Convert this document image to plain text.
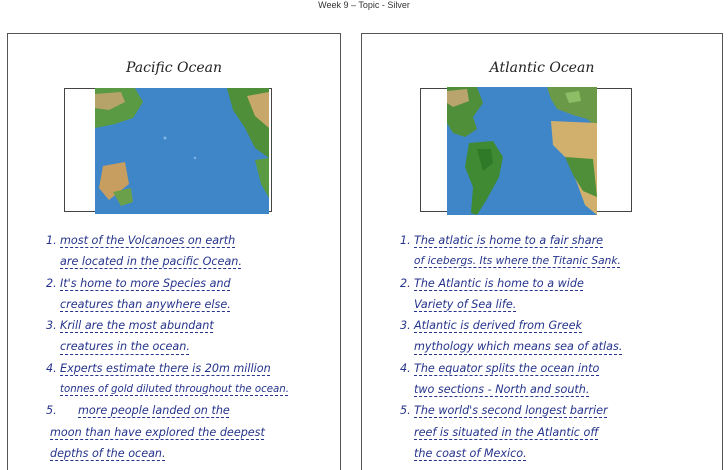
Week 9 – Topic - Silver
Pacific Ocean
1. most of the Volcanoes on earth
are located in the pacific Ocean.
2. It's home to more Species and
creatures than anywhere else.
3. Krill are the most abundant
creatures in the ocean.
4. Experts estimate there is 20m million
tonnes of gold diluted throughout the ocean.
5.	more people landed on the
moon than have explored the deepest
depths of the ocean.
Atlantic Ocean
1. The atlatic is home to a fair share
of icebergs. Its where the Titanic Sank.
2. The Atlantic is home to a wide
Variety of Sea life.
3. Atlantic is derived from Greek
mythology which means sea of atlas.
4. The equator splits the ocean into
two sections - North and south.
5. The world's second longest barrier
reef is situated in the Atlantic off
the coast of Mexico.
